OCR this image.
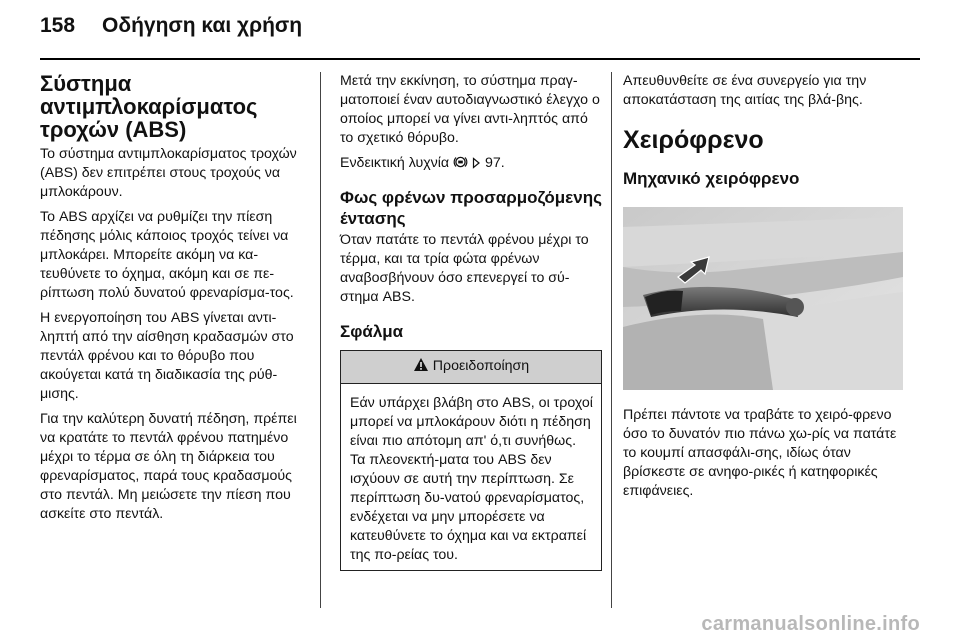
158 Οδήγηση και χρήση
Σύστημα αντιμπλοκαρίσματος τροχών (ABS)

Το σύστημα αντιμπλοκαρίσματος τροχών (ABS) δεν επιτρέπει στους τροχούς να μπλοκάρουν.

Το ABS αρχίζει να ρυθμίζει την πίεση πέδησης μόλις κάποιος τροχός τείνει να μπλοκάρει. Μπορείτε ακόμη να κα-τευθύνετε το όχημα, ακόμη και σε πε-ρίπτωση πολύ δυνατού φρεναρίσμα-τος.

Η ενεργοποίηση του ABS γίνεται αντι-ληπτή από την αίσθηση κραδασμών στο πεντάλ φρένου και το θόρυβο που ακούγεται κατά τη διαδικασία της ρύθ-μισης.

Για την καλύτερη δυνατή πέδηση, πρέπει να κρατάτε το πεντάλ φρένου πατημένο μέχρι το τέρμα σε όλη τη διάρκεια του φρεναρίσματος, παρά τους κραδασμούς στο πεντάλ. Μη μειώσετε την πίεση που ασκείτε στο πεντάλ.

Μετά την εκκίνηση, το σύστημα πραγ-ματοποιεί έναν αυτοδιαγνωστικό έλεγχο ο οποίος μπορεί να γίνει αντι-ληπτός από το σχετικό θόρυβο.

Ενδεικτική λυχνία	97.

Φως φρένων προσαρμοζόμενης έντασης

Όταν πατάτε το πεντάλ φρένου μέχρι το τέρμα, και τα τρία φώτα φρένων αναβοσβήνουν όσο επενεργεί το σύ-στημα ABS.

Σφάλμα
Προειδοποίηση

Εάν υπάρχει βλάβη στο ABS, οι τροχοί μπορεί να μπλοκάρουν διότι η πέδηση είναι πιο απότομη απ' ό,τι συνήθως. Τα πλεονεκτή-ματα του ABS δεν ισχύουν σε αυτή την περίπτωση. Σε περίπτωση δυ-νατού φρεναρίσματος, ενδέχεται να μην μπορέσετε να κατευθύνετε το όχημα και να εκτραπεί της πο-ρείας του.

Απευθυνθείτε σε ένα συνεργείο για την αποκατάσταση της αιτίας της βλά-βης.

Χειρόφρενο
Μηχανικό χειρόφρενο

Πρέπει πάντοτε να τραβάτε το χειρό-φρενο όσο το δυνατόν πιο πάνω χω-ρίς να πατάτε το κουμπί απασφάλι-σης, ιδίως όταν βρίσκεστε σε ανηφο-ρικές ή κατηφορικές επιφάνειες.

carmanualsonline.info
